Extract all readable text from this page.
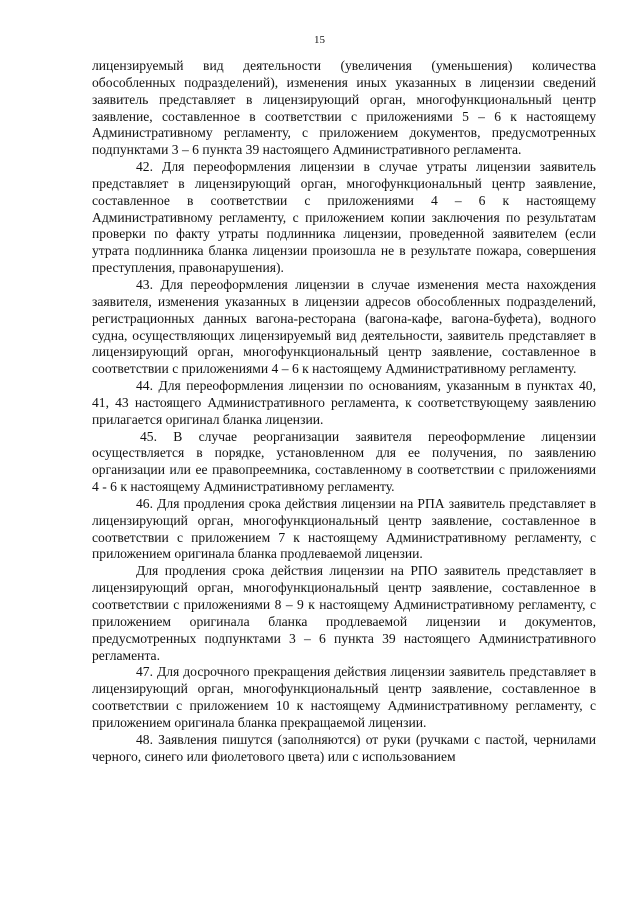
15

лицензируемый вид деятельности (увеличения (уменьшения) количества обособленных подразделений), изменения иных указанных в лицензии сведений заявитель представляет в лицензирующий орган, многофункциональный центр заявление, составленное в соответствии с приложениями 5 – 6 к настоящему Административному регламенту, с приложением документов, предусмотренных подпунктами 3 – 6 пункта 39 настоящего Административного регламента.

42. Для переоформления лицензии в случае утраты лицензии заявитель представляет в лицензирующий орган, многофункциональный центр заявление, составленное в соответствии с приложениями 4 – 6 к настоящему Административному регламенту, с приложением копии заключения по результатам проверки по факту утраты подлинника лицензии, проведенной заявителем (если утрата подлинника бланка лицензии произошла не в результате пожара, совершения преступления, правонарушения).

43. Для переоформления лицензии в случае изменения места нахождения заявителя, изменения указанных в лицензии адресов обособленных подразделений, регистрационных данных вагона-ресторана (вагона-кафе, вагона-буфета), водного судна, осуществляющих лицензируемый вид деятельности, заявитель представляет в лицензирующий орган, многофункциональный центр заявление, составленное в соответствии с приложениями 4 – 6 к настоящему Административному регламенту.

44. Для переоформления лицензии по основаниям, указанным в пунктах 40, 41, 43 настоящего Административного регламента, к соответствующему заявлению прилагается оригинал бланка лицензии.

45. В случае реорганизации заявителя переоформление лицензии осуществляется в порядке, установленном для ее получения, по заявлению организации или ее правопреемника, составленному в соответствии с приложениями 4 - 6 к настоящему Административному регламенту.

46. Для продления срока действия лицензии на РПА заявитель представляет в лицензирующий орган, многофункциональный центр заявление, составленное в соответствии с приложением 7 к настоящему Административному регламенту, с приложением оригинала бланка продлеваемой лицензии.

Для продления срока действия лицензии на РПО заявитель представляет в лицензирующий орган, многофункциональный центр заявление, составленное в соответствии с приложениями 8 – 9 к настоящему Административному регламенту, с приложением оригинала бланка продлеваемой лицензии и документов, предусмотренных подпунктами 3 – 6 пункта 39 настоящего Административного регламента.

47. Для досрочного прекращения действия лицензии заявитель представляет в лицензирующий орган, многофункциональный центр заявление, составленное в соответствии с приложением 10 к настоящему Административному регламенту, с приложением оригинала бланка прекращаемой лицензии.

48. Заявления пишутся (заполняются) от руки (ручками с пастой, чернилами черного, синего или фиолетового цвета) или с использованием
